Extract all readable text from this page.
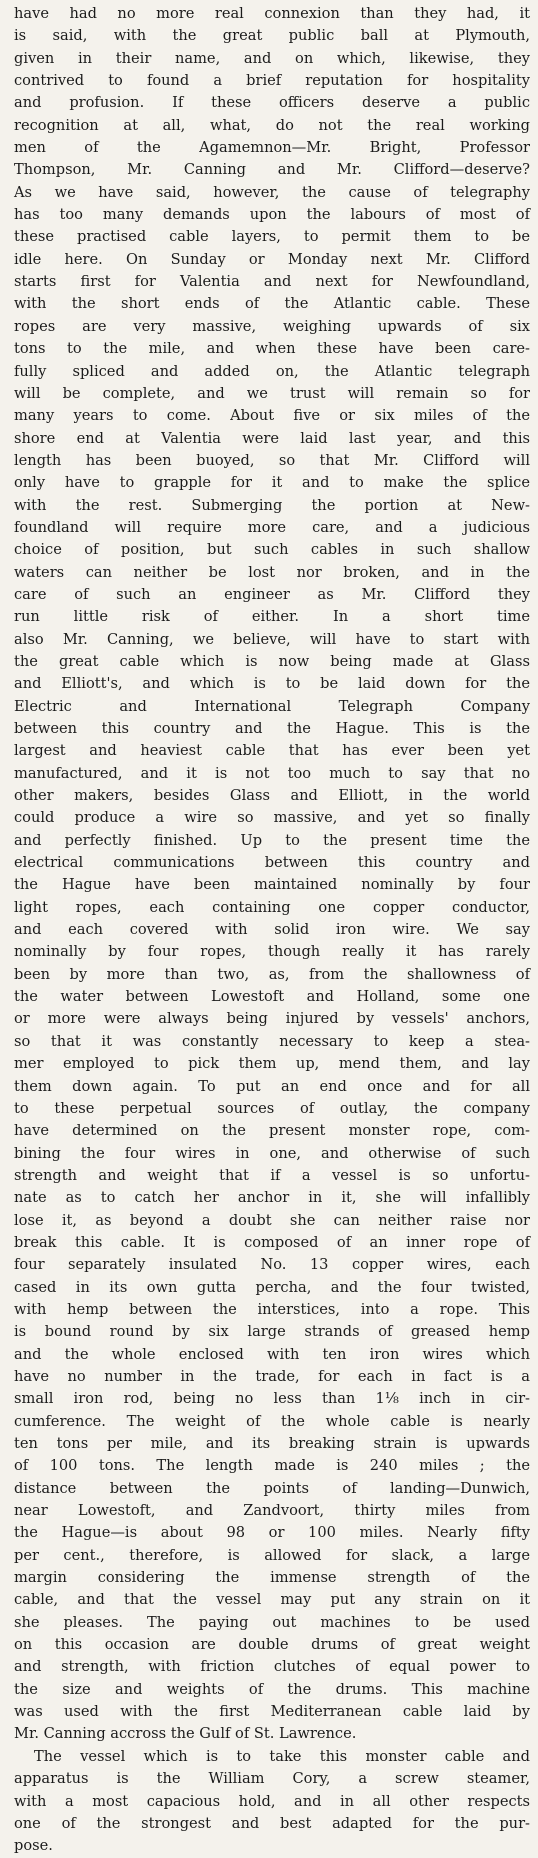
have had no more real connexion than they had, it
is said, with the great public ball at Plymouth,
given in their name, and on which, likewise, they
contrived to found a brief reputation for hospitality
and profusion. If these officers deserve a public
recognition at all, what, do not the real working
men of the Agamemnon—Mr. Bright, Professor
Thompson, Mr. Canning and Mr. Clifford—deserve?
As we have said, however, the cause of telegraphy
has too many demands upon the labours of most of
these practised cable layers, to permit them to be
idle here. On Sunday or Monday next Mr. Clifford
starts first for Valentia and next for Newfoundland,
with the short ends of the Atlantic cable. These
ropes are very massive, weighing upwards of six
tons to the mile, and when these have been care-
fully spliced and added on, the Atlantic telegraph
will be complete, and we trust will remain so for
many years to come. About five or six miles of the
shore end at Valentia were laid last year, and this
length has been buoyed, so that Mr. Clifford will
only have to grapple for it and to make the splice
with the rest. Submerging the portion at New-
foundland will require more care, and a judicious
choice of position, but such cables in such shallow
waters can neither be lost nor broken, and in the
care of such an engineer as Mr. Clifford they
run little risk of either. In a short time
also Mr. Canning, we believe, will have to start with
the great cable which is now being made at Glass
and Elliott's, and which is to be laid down for the
Electric and International Telegraph Company
between this country and the Hague. This is the
largest and heaviest cable that has ever been yet
manufactured, and it is not too much to say that no
other makers, besides Glass and Elliott, in the world
could produce a wire so massive, and yet so finally
and perfectly finished. Up to the present time the
electrical communications between this country and
the Hague have been maintained nominally by four
light ropes, each containing one copper conductor,
and each covered with solid iron wire. We say
nominally by four ropes, though really it has rarely
been by more than two, as, from the shallowness of
the water between Lowestoft and Holland, some one
or more were always being injured by vessels' anchors,
so that it was constantly necessary to keep a stea-
mer employed to pick them up, mend them, and lay
them down again. To put an end once and for all
to these perpetual sources of outlay, the company
have determined on the present monster rope, com-
bining the four wires in one, and otherwise of such
strength and weight that if a vessel is so unfortu-
nate as to catch her anchor in it, she will infallibly
lose it, as beyond a doubt she can neither raise nor
break this cable. It is composed of an inner rope of
four separately insulated No. 13 copper wires, each
cased in its own gutta percha, and the four twisted,
with hemp between the interstices, into a rope. This
is bound round by six large strands of greased hemp
and the whole enclosed with ten iron wires which
have no number in the trade, for each in fact is a
small iron rod, being no less than 1⅛ inch in cir-
cumference. The weight of the whole cable is nearly
ten tons per mile, and its breaking strain is upwards
of 100 tons. The length made is 240 miles ; the
distance between the points of landing—Dunwich,
near Lowestoft, and Zandvoort, thirty miles from
the Hague—is about 98 or 100 miles. Nearly fifty
per cent., therefore, is allowed for slack, a large
margin considering the immense strength of the
cable, and that the vessel may put any strain on it
she pleases. The paying out machines to be used
on this occasion are double drums of great weight
and strength, with friction clutches of equal power to
the size and weights of the drums. This machine
was used with the first Mediterranean cable laid by
Mr. Canning accross the Gulf of St. Lawrence.
The vessel which is to take this monster cable and
apparatus is the William Cory, a screw steamer,
with a most capacious hold, and in all other respects
one of the strongest and best adapted for the pur-
pose.
